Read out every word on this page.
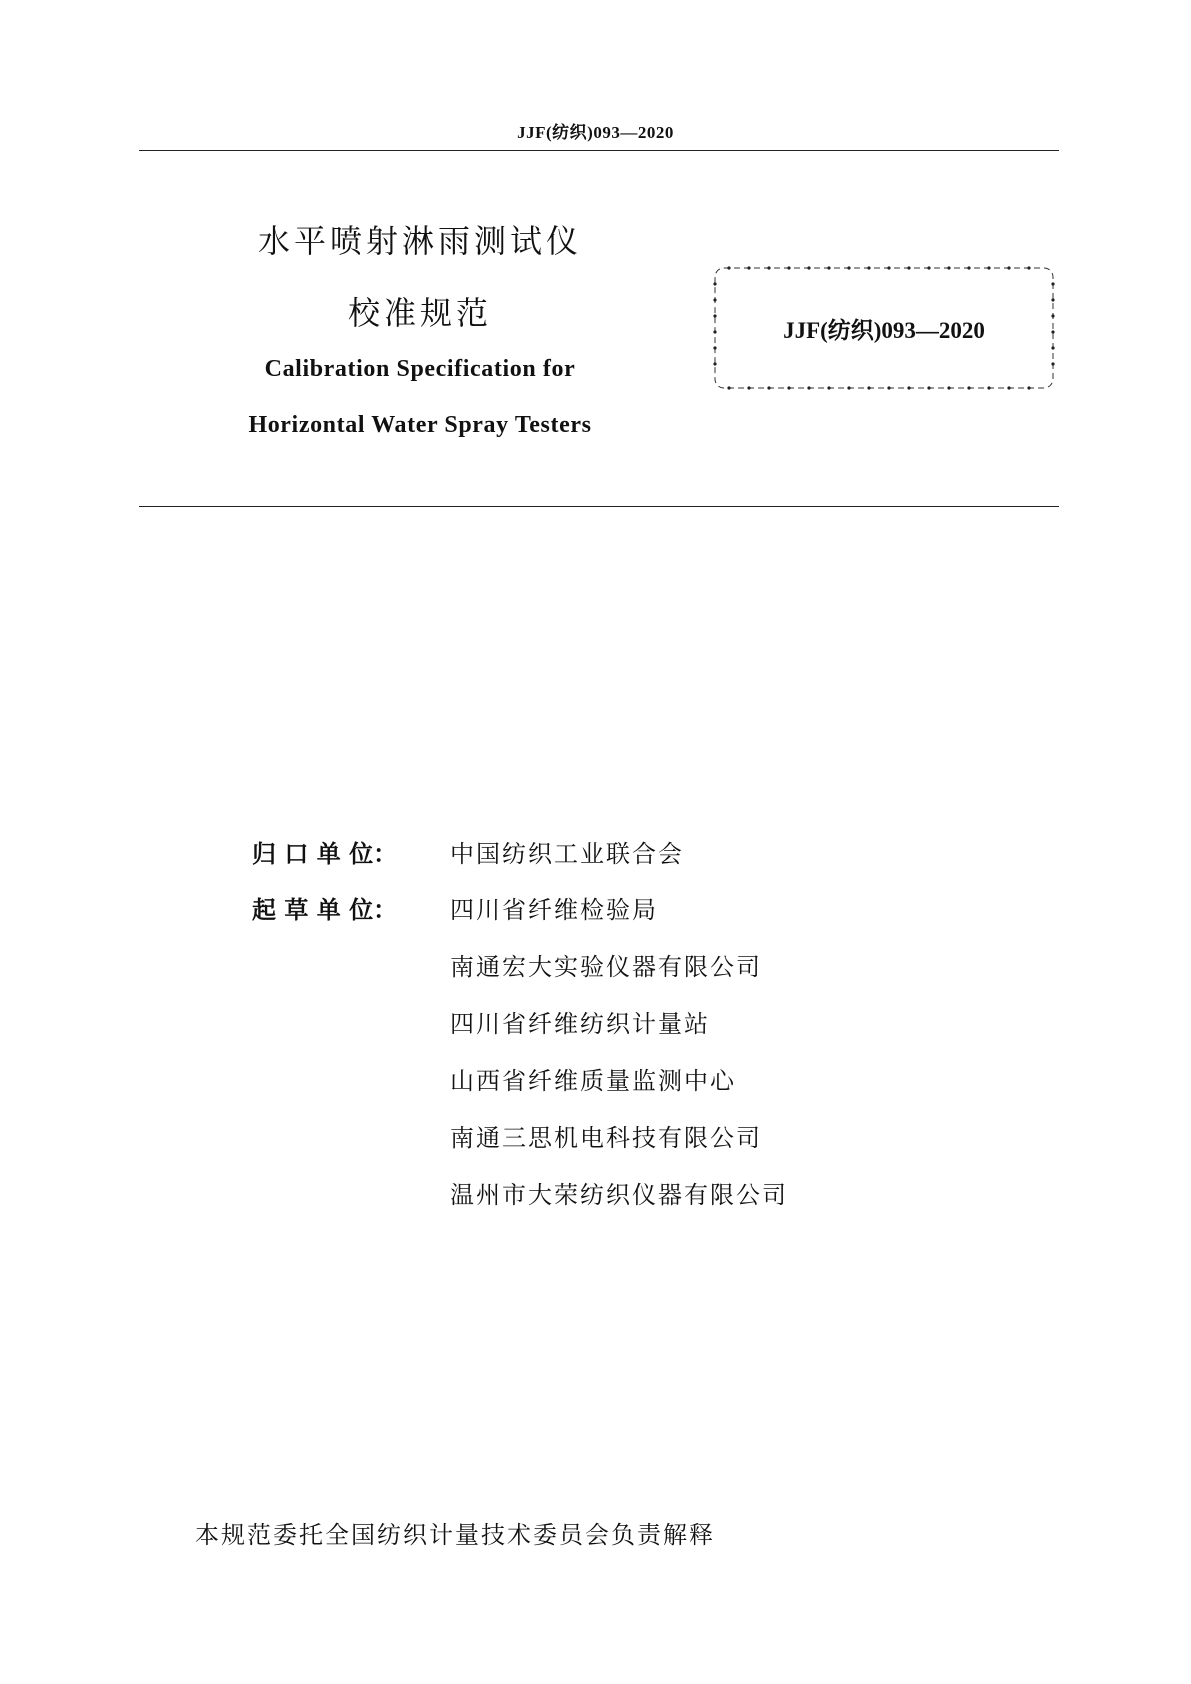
JJF(纺织)093—2020
水平喷射淋雨测试仪
校准规范
Calibration Specification for
Horizontal Water Spray Testers
JJF(纺织)093—2020
归 口 单 位： 中国纺织工业联合会
起 草 单 位： 四川省纤维检验局
南通宏大实验仪器有限公司
四川省纤维纺织计量站
山西省纤维质量监测中心
南通三思机电科技有限公司
温州市大荣纺织仪器有限公司
本规范委托全国纺织计量技术委员会负责解释
